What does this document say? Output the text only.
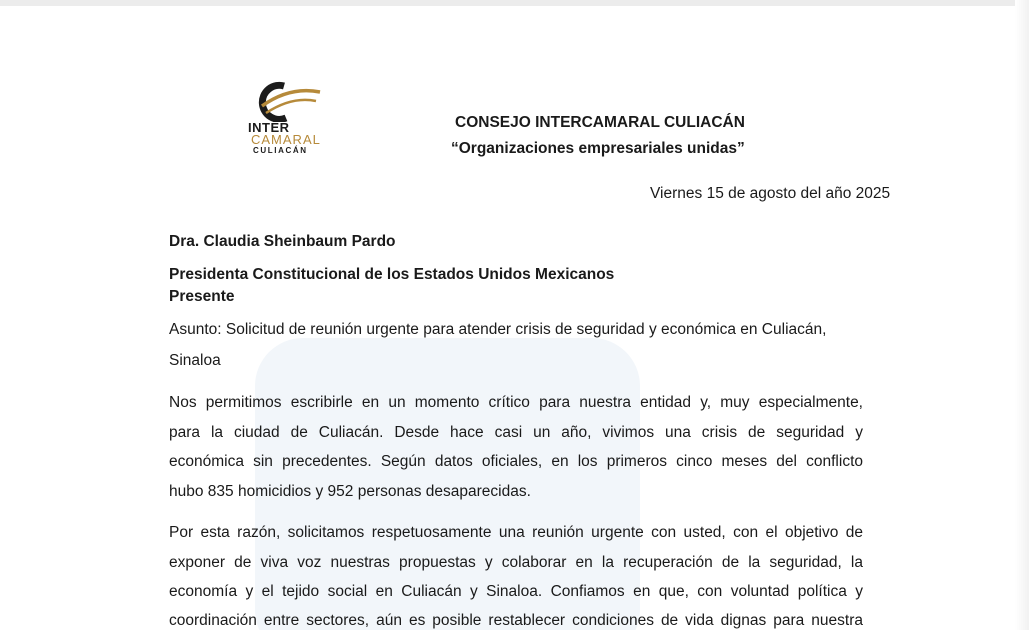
INTER
CAMARAL
CULIACÁN
CONSEJO INTERCAMARAL CULIACÁN
“Organizaciones empresariales unidas”
Viernes 15 de agosto del año 2025
Dra. Claudia Sheinbaum Pardo
Presidenta Constitucional de los Estados Unidos Mexicanos
Presente
Asunto: Solicitud de reunión urgente para atender crisis de seguridad y económica en Culiacán,
Sinaloa
Nos permitimos escribirle en un momento crítico para nuestra entidad y, muy especialmente,
para la ciudad de Culiacán. Desde hace casi un año, vivimos una crisis de seguridad y
económica sin precedentes. Según datos oficiales, en los primeros cinco meses del conflicto
hubo 835 homicidios y 952 personas desaparecidas.
Por esta razón, solicitamos respetuosamente una reunión urgente con usted, con el objetivo de
exponer de viva voz nuestras propuestas y colaborar en la recuperación de la seguridad, la
economía y el tejido social en Culiacán y Sinaloa. Confiamos en que, con voluntad política y
coordinación entre sectores, aún es posible restablecer condiciones de vida dignas para nuestra
